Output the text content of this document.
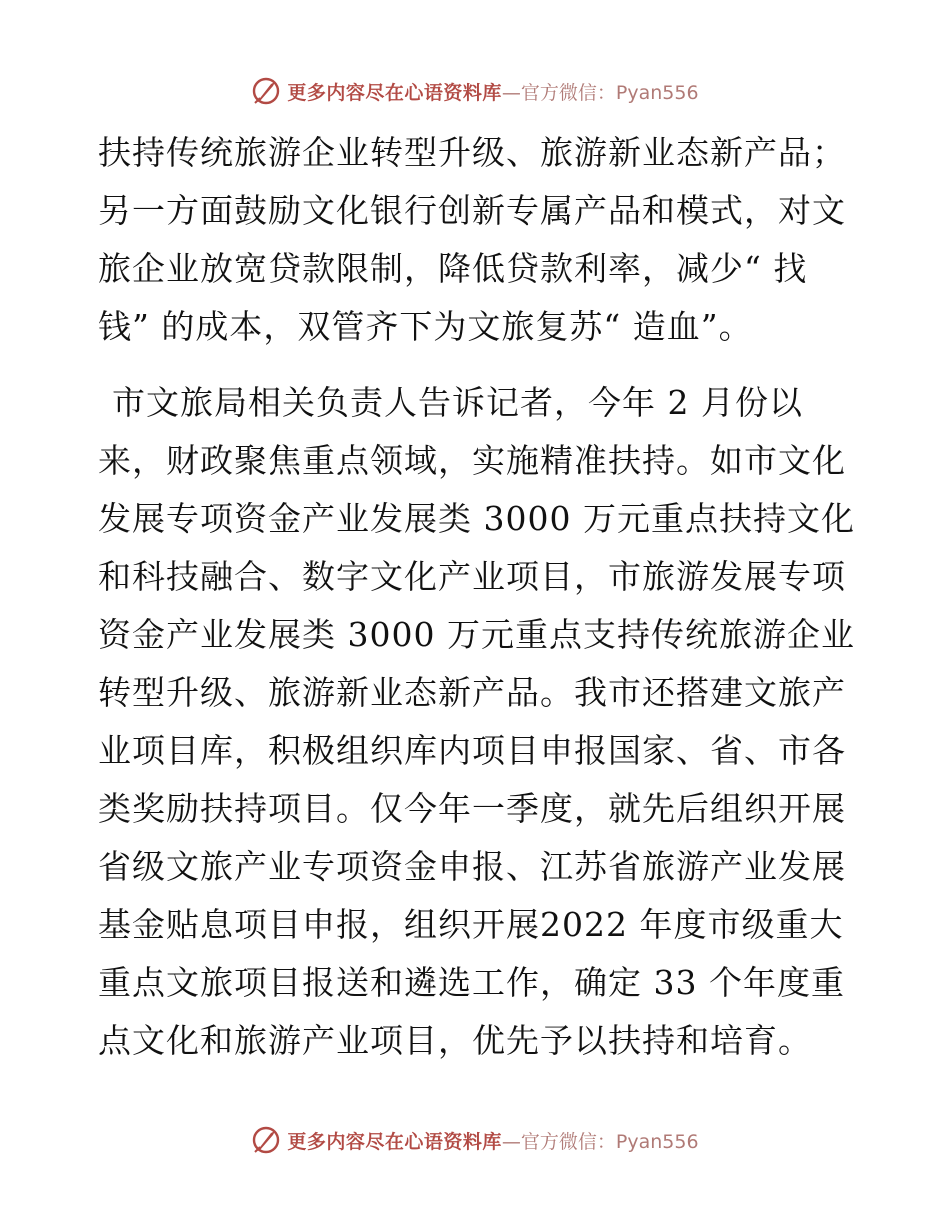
更多内容尽在心语资料库 —官方微信：Pyan556

扶持传统旅游企业转型升级、旅游新业态新产品；
另一方面鼓励文化银行创新专属产品和模式，对文
旅企业放宽贷款限制，降低贷款利率，减少“ 找
钱” 的成本，双管齐下为文旅复苏“ 造血”。

市文旅局相关负责人告诉记者，今年 2 月份以
来，财政聚焦重点领域，实施精准扶持。如市文化
发展专项资金产业发展类 3000 万元重点扶持文化
和科技融合、数字文化产业项目，市旅游发展专项
资金产业发展类 3000 万元重点支持传统旅游企业
转型升级、旅游新业态新产品。我市还搭建文旅产
业项目库，积极组织库内项目申报国家、省、市各
类奖励扶持项目。仅今年一季度，就先后组织开展
省级文旅产业专项资金申报、江苏省旅游产业发展
基金贴息项目申报，组织开展2022 年度市级重大
重点文旅项目报送和遴选工作，确定 33 个年度重
点文化和旅游产业项目，优先予以扶持和培育。

更多内容尽在心语资料库 —官方微信：Pyan556
